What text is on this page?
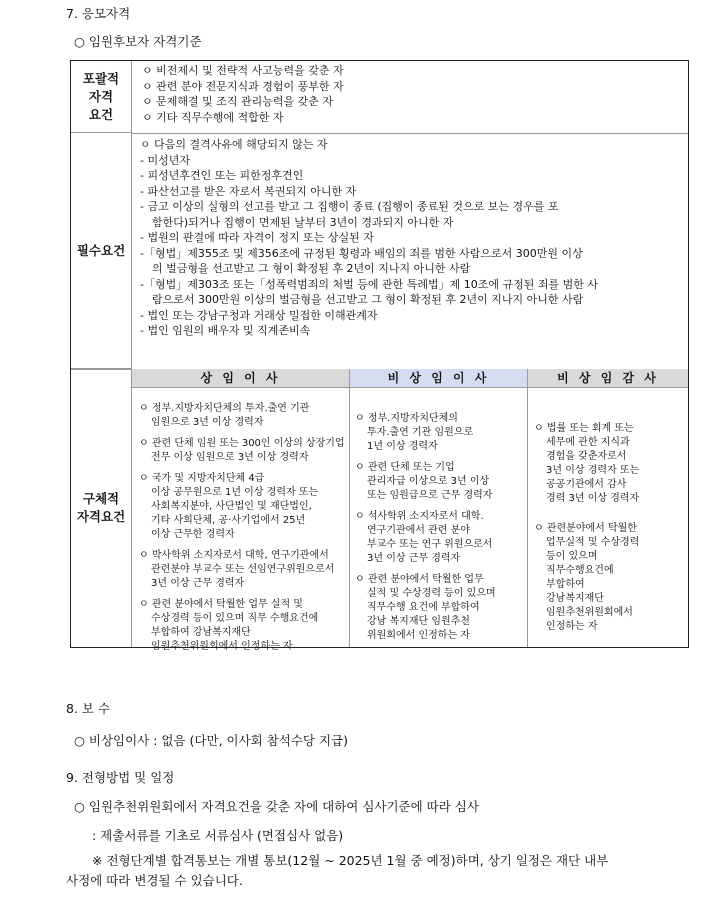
7. 응모자격
○ 임원후보자 자격기준
포괄적
자격
요건
ㅇ 비전제시 및 전략적 사고능력을 갖춘 자
ㅇ 관련 분야 전문지식과 경험이 풍부한 자
ㅇ 문제해결 및 조직 관리능력을 갖춘 자
ㅇ 기타 직무수행에 적합한 자
필수요건
ㅇ 다음의 결격사유에 해당되지 않는 자
- 미성년자
- 피성년후견인 또는 피한정후견인
- 파산선고를 받은 자로서 복권되지 아니한 자
- 금고 이상의 실형의 선고를 받고 그 집행이 종료 (집행이 종료된 것으로 보는 경우를 포
함한다)되거나 집행이 면제된 날부터 3년이 경과되지 아니한 자
- 법원의 판결에 따라 자격이 정지 또는 상실된 자
-「형법」제355조 및 제356조에 규정된 횡령과 배임의 죄를 범한 사람으로서 300만원 이상
의 벌금형을 선고받고 그 형이 확정된 후 2년이 지나지 아니한 사람
-「형법」제303조 또는「성폭력범죄의 처벌 등에 관한 특례법」제 10조에 규정된 죄를 범한 사
람으로서 300만원 이상의 벌금형을 선고받고 그 형이 확정된 후 2년이 지나지 아니한 사람
- 법인 또는 강남구청과 거래상 밀접한 이해관계자
- 법인 임원의 배우자 및 직계존비속
구체적
자격요건
상 임 이 사
ㅇ 정부.지방자치단체의 투자.출연 기관
임원으로 3년 이상 경력자
ㅇ 관련 단체 임원 또는 300인 이상의 상장기업
전무 이상 임원으로 3년 이상 경력자
ㅇ 국가 및 지방자치단체 4급
이상 공무원으로 1년 이상 경력자 또는
사회복지분야, 사단법인 및 재단법인,
기타 사회단체, 공·사기업에서 25년
이상 근무한 경력자
ㅇ 박사학위 소지자로서 대학, 연구기관에서
관련분야 부교수 또는 선임연구위원으로서
3년 이상 근무 경력자
ㅇ 관련 분야에서 탁월한 업무 실적 및
수상경력 등이 있으며 직무 수행요건에
부합하여 강남복지재단
임원추천위원회에서 인정하는 자
비 상 임 이 사
ㅇ 정부.지방자치단체의
투자.출연 기관 임원으로
1년 이상 경력자
ㅇ 관련 단체 또는 기업
관리자급 이상으로 3년 이상
또는 임원급으로 근무 경력자
ㅇ 석사학위 소지자로서 대학.
연구기관에서 관련 분야
부교수 또는 연구 위원으로서
3년 이상 근무 경력자
ㅇ 관련 분야에서 탁월한 업무
실적 및 수상경력 등이 있으며
직무수행 요건에 부합하여
강남 복지재단 임원추천
위원회에서 인정하는 자
비 상 임 감 사
ㅇ 법률 또는 회계 또는
세무에 관한 지식과
경험을 갖춘자로서
3년 이상 경력자 또는
공공기관에서 감사
경력 3년 이상 경력자
ㅇ 관련분야에서 탁월한
업무실적 및 수상경력
등이 있으며
직무수행요건에
부합하여
강남복지재단
임원추천위원회에서
인정하는 자
8. 보 수
○ 비상임이사 : 없음 (다만, 이사회 참석수당 지급)
9. 전형방법 및 일정
○ 임원추천위원회에서 자격요건을 갖춘 자에 대하여 심사기준에 따라 심사
: 제출서류를 기초로 서류심사 (면접심사 없음)
※ 전형단계별 합격통보는 개별 통보(12월 ~ 2025년 1월 중 예정)하며, 상기 일정은 재단 내부
사정에 따라 변경될 수 있습니다.
